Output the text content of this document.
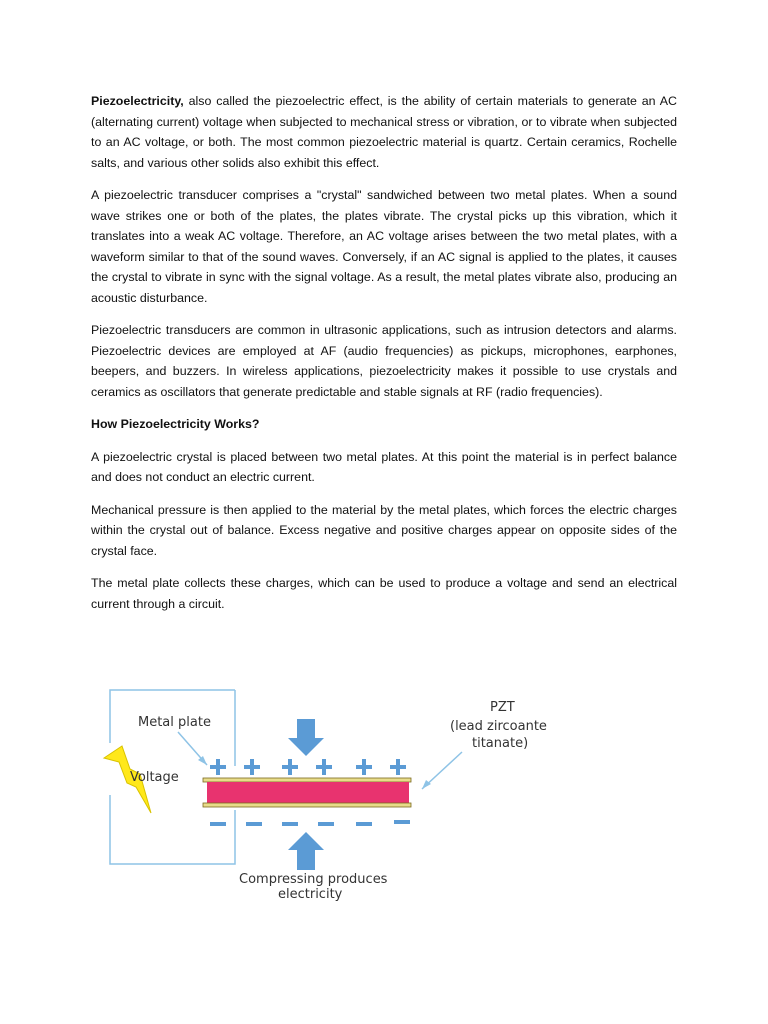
Piezoelectricity, also called the piezoelectric effect, is the ability of certain materials to generate an AC (alternating current) voltage when subjected to mechanical stress or vibration, or to vibrate when subjected to an AC voltage, or both. The most common piezoelectric material is quartz. Certain ceramics, Rochelle salts, and various other solids also exhibit this effect.

A piezoelectric transducer comprises a "crystal" sandwiched between two metal plates. When a sound wave strikes one or both of the plates, the plates vibrate. The crystal picks up this vibration, which it translates into a weak AC voltage. Therefore, an AC voltage arises between the two metal plates, with a waveform similar to that of the sound waves. Conversely, if an AC signal is applied to the plates, it causes the crystal to vibrate in sync with the signal voltage. As a result, the metal plates vibrate also, producing an acoustic disturbance.

Piezoelectric transducers are common in ultrasonic applications, such as intrusion detectors and alarms. Piezoelectric devices are employed at AF (audio frequencies) as pickups, microphones, earphones, beepers, and buzzers. In wireless applications, piezoelectricity makes it possible to use crystals and ceramics as oscillators that generate predictable and stable signals at RF (radio frequencies).

How Piezoelectricity Works?

A piezoelectric crystal is placed between two metal plates. At this point the material is in perfect balance and does not conduct an electric current.

Mechanical pressure is then applied to the material by the metal plates, which forces the electric charges within the crystal out of balance. Excess negative and positive charges appear on opposite sides of the crystal face.

The metal plate collects these charges, which can be used to produce a voltage and send an electrical current through a circuit.

Metal plate
Voltage
PZT
(lead zircoante
titanate)
Compressing produces
electricity
